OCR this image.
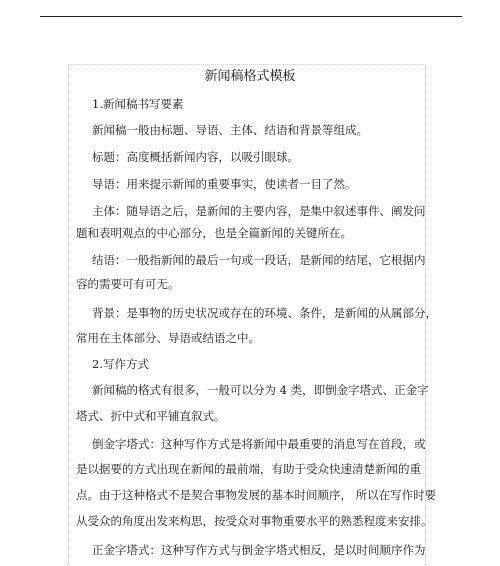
新闻稿格式模板
1.新闻稿书写要素
新闻稿一般由标题、导语、主体、结语和背景等组成。
标题：高度概括新闻内容，以吸引眼球。
导语：用来提示新闻的重要事实，使读者一目了然。
主体：随导语之后，是新闻的主要内容，是集中叙述事件、阐发问
题和表明观点的中心部分，也是全篇新闻的关键所在。
结语：一般指新闻的最后一句或一段话，是新闻的结尾，它根据内
容的需要可有可无。
背景：是事物的历史状况或存在的环境、条件，是新闻的从属部分，
常用在主体部分、导语或结语之中。
2.写作方式
新闻稿的格式有很多，一般可以分为 4 类，即倒金字塔式、正金字
塔式、折中式和平铺直叙式。
倒金字塔式：这种写作方式是将新闻中最重要的消息写在首段，或
是以据要的方式出现在新闻的最前端，有助于受众快速清楚新闻的重
点。由于这种格式不是契合事物发展的基本时间顺序， 所以在写作时要
从受众的角度出发来构思，按受众对事物重要水平的熟悉程度来安排。
正金字塔式：这种写作方式与倒金字塔式相反，是以时间顺序作为
